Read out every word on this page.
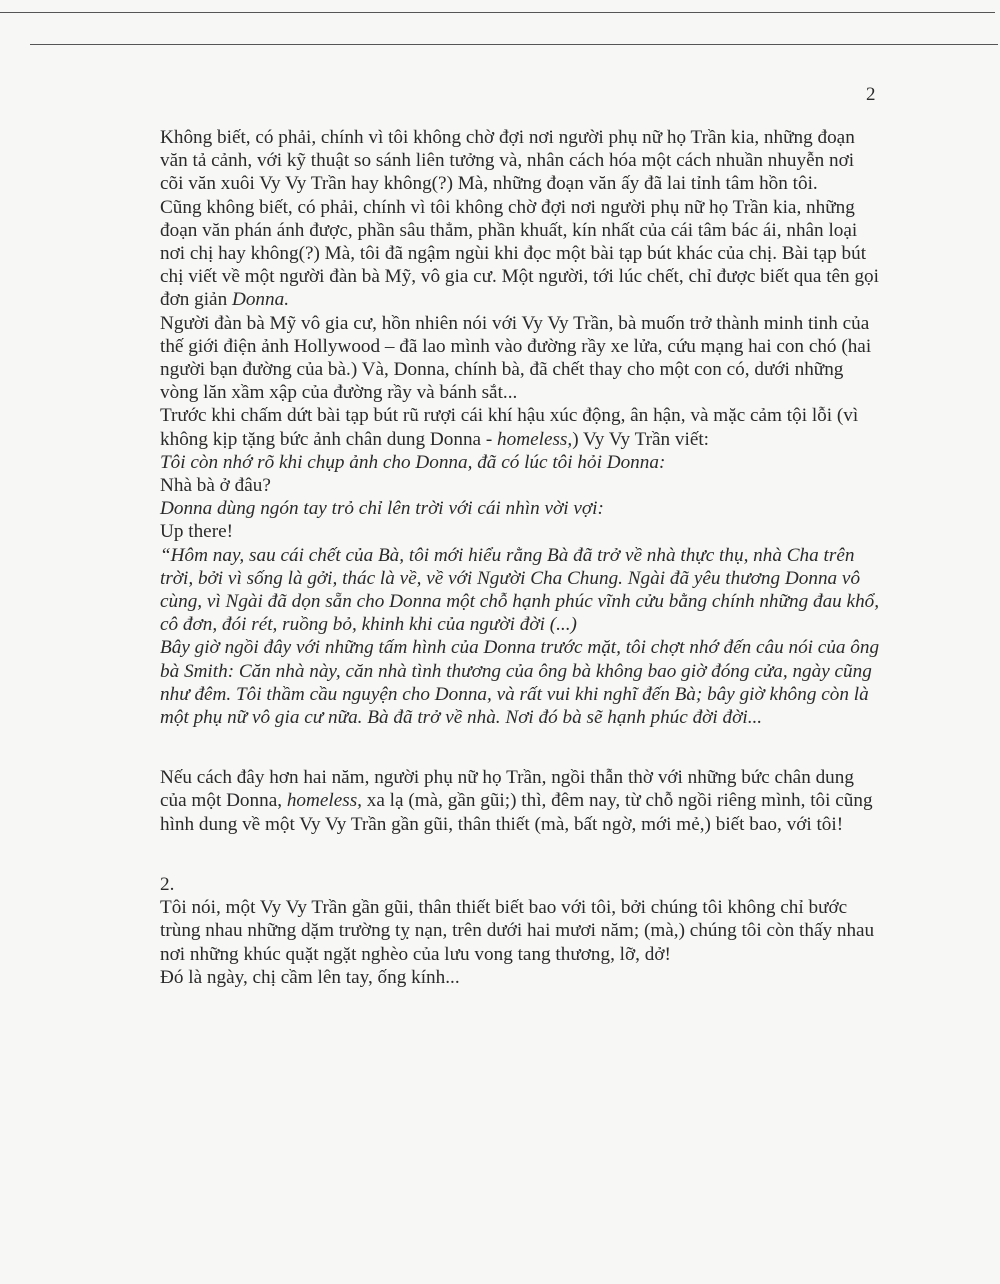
2

Không biết, có phải, chính vì tôi không chờ đợi nơi người phụ nữ họ Trần kia, những đoạn văn tả cảnh, với kỹ thuật so sánh liên tưởng và, nhân cách hóa một cách nhuần nhuyễn nơi cõi văn xuôi Vy Vy Trần hay không(?) Mà, những đoạn văn ấy đã lai tỉnh tâm hồn tôi.

Cũng không biết, có phải, chính vì tôi không chờ đợi nơi người phụ nữ họ Trần kia, những đoạn văn phán ánh được, phần sâu thẳm, phần khuất, kín nhất của cái tâm bác ái, nhân loại nơi chị hay không(?) Mà, tôi đã ngậm ngùi khi đọc một bài tạp bút khác của chị. Bài tạp bút chị viết về một người đàn bà Mỹ, vô gia cư. Một người, tới lúc chết, chỉ được biết qua tên gọi đơn giản Donna.

Người đàn bà Mỹ vô gia cư, hồn nhiên nói với Vy Vy Trần, bà muốn trở thành minh tinh của thế giới điện ảnh Hollywood – đã lao mình vào đường rầy xe lửa, cứu mạng hai con chó (hai người bạn đường của bà.) Và, Donna, chính bà, đã chết thay cho một con có, dưới những vòng lăn xầm xập của đường rầy và bánh sắt...

Trước khi chấm dứt bài tạp bút rũ rượi cái khí hậu xúc động, ân hận, và mặc cảm tội lỗi (vì không kịp tặng bức ảnh chân dung Donna - homeless,) Vy Vy Trần viết:

Tôi còn nhớ rõ khi chụp ảnh cho Donna, đã có lúc tôi hỏi Donna:

Nhà bà ở đâu?

Donna dùng ngón tay trỏ chỉ lên trời với cái nhìn vời vợi:

Up there!

“Hôm nay, sau cái chết của Bà, tôi mới hiểu rằng Bà đã trở về nhà thực thụ, nhà Cha trên trời, bởi vì sống là gởi, thác là về, về với Người Cha Chung. Ngài đã yêu thương Donna vô cùng, vì Ngài đã dọn sẵn cho Donna một chỗ hạnh phúc vĩnh cửu bằng chính những đau khổ, cô đơn, đói rét, ruồng bỏ, khinh khi của người đời (...)

Bây giờ ngồi đây với những tấm hình của Donna trước mặt, tôi chợt nhớ đến câu nói của ông bà Smith: Căn nhà này, căn nhà tình thương của ông bà không bao giờ đóng cửa, ngày cũng như đêm. Tôi thầm cầu nguyện cho Donna, và rất vui khi nghĩ đến Bà; bây giờ không còn là một phụ nữ vô gia cư nữa. Bà đã trở về nhà. Nơi đó bà sẽ hạnh phúc đời đời...

Nếu cách đây hơn hai năm, người phụ nữ họ Trần, ngồi thẫn thờ với những bức chân dung của một Donna, homeless, xa lạ (mà, gần gũi;) thì, đêm nay, từ chỗ ngồi riêng mình, tôi cũng hình dung về một Vy Vy Trần gần gũi, thân thiết (mà, bất ngờ, mới mẻ,) biết bao, với tôi!

2.

Tôi nói, một Vy Vy Trần gần gũi, thân thiết biết bao với tôi, bởi chúng tôi không chỉ bước trùng nhau những dặm trường tỵ nạn, trên dưới hai mươi năm; (mà,) chúng tôi còn thấy nhau nơi những khúc quặt ngặt nghèo của lưu vong tang thương, lỡ, dở!

Đó là ngày, chị cầm lên tay, ống kính...
